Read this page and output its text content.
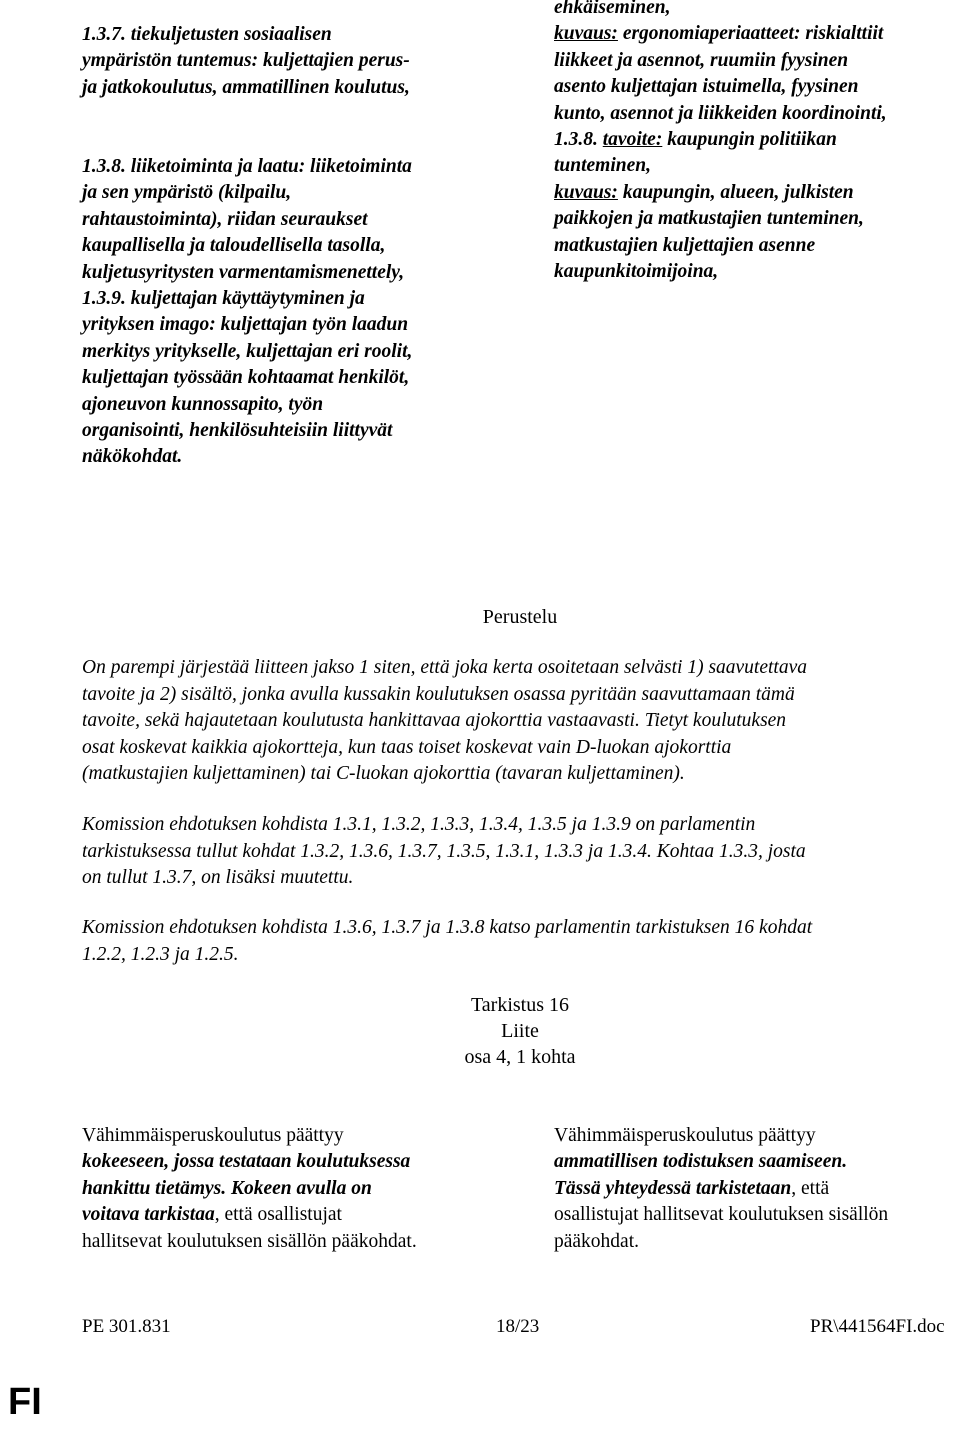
1.3.7. tiekuljetusten sosiaalisen
ympäristön tuntemus: kuljettajien perus-
ja jatkokoulutus, ammatillinen koulutus,
1.3.8. liiketoiminta ja laatu: liiketoiminta
ja sen ympäristö (kilpailu,
rahtaustoiminta), riidan seuraukset
kaupallisella ja taloudellisella tasolla,
kuljetusyritysten varmentamismenettely,
1.3.9. kuljettajan käyttäytyminen ja
yrityksen imago: kuljettajan työn laadun
merkitys yritykselle, kuljettajan eri roolit,
kuljettajan työssään kohtaamat henkilöt,
ajoneuvon kunnossapito, työn
organisointi, henkilösuhteisiin liittyvät
näkökohdat.
ehkäiseminen,
kuvaus: ergonomiaperiaatteet: riskialttiit
liikkeet ja asennot, ruumiin fyysinen
asento kuljettajan istuimella, fyysinen
kunto, asennot ja liikkeiden koordinointi,
1.3.8. tavoite: kaupungin politiikan
tunteminen,
kuvaus: kaupungin, alueen, julkisten
paikkojen ja matkustajien tunteminen,
matkustajien kuljettajien asenne
kaupunkitoimijoina,
Perustelu
On parempi järjestää liitteen jakso 1 siten, että joka kerta osoitetaan selvästi 1) saavutettava
tavoite ja 2) sisältö, jonka avulla kussakin koulutuksen osassa pyritään saavuttamaan tämä
tavoite, sekä hajautetaan koulutusta hankittavaa ajokorttia vastaavasti. Tietyt koulutuksen
osat koskevat kaikkia ajokortteja, kun taas toiset koskevat vain D-luokan ajokorttia
(matkustajien kuljettaminen) tai C-luokan ajokorttia (tavaran kuljettaminen).
Komission ehdotuksen kohdista 1.3.1, 1.3.2, 1.3.3, 1.3.4, 1.3.5 ja 1.3.9 on parlamentin
tarkistuksessa tullut kohdat 1.3.2, 1.3.6, 1.3.7, 1.3.5, 1.3.1, 1.3.3 ja 1.3.4. Kohtaa 1.3.3, josta
on tullut 1.3.7, on lisäksi muutettu.
Komission ehdotuksen kohdista 1.3.6, 1.3.7 ja 1.3.8 katso parlamentin tarkistuksen 16 kohdat
1.2.2, 1.2.3 ja 1.2.5.
Tarkistus 16
Liite
osa 4, 1 kohta
Vähimmäisperuskoulutus päättyy
kokeeseen, jossa testataan koulutuksessa
hankittu tietämys. Kokeen avulla on
voitava tarkistaa, että osallistujat
hallitsevat koulutuksen sisällön pääkohdat.
Vähimmäisperuskoulutus päättyy
ammatillisen todistuksen saamiseen.
Tässä yhteydessä tarkistetaan, että
osallistujat hallitsevat koulutuksen sisällön
pääkohdat.
PE 301.831	18/23	PR\441564FI.doc
FI
